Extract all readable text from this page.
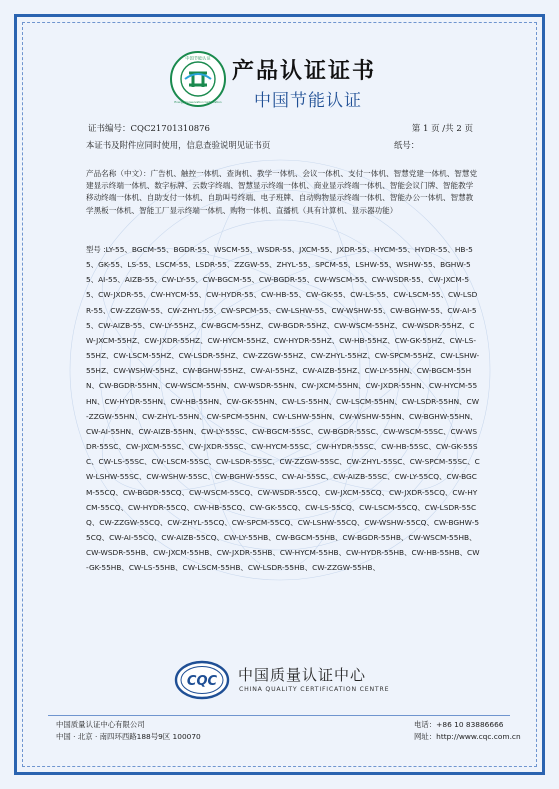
中国节能认证
Energy Conservation Certification
产品认证证书
中国节能认证
证书编号：CQC21701310876	第 1 页 /共 2 页
本证书及附件应同时使用，信息查验说明见证书页	纸号：
产品名称（中文）：广告机、触控一体机、查询机、教学一体机、会议一体机、支付一体机、智慧党建一体机、智慧党建显示终端一体机、数字标牌、云数字终端、智慧显示终端一体机、商业显示终端一体机、智能会议门牌、智能教学移动终端一体机、自助支付一体机、自助叫号终端、电子班牌、自动购物显示终端一体机、智能办公一体机、智慧教学黑板一体机、智能工厂显示终端一体机、购物一体机、直播机（具有计算机、显示器功能）
型号 :LY-55、BGCM-55、BGDR-55、WSCM-55、WSDR-55、JXCM-55、JXDR-55、HYCM-55、HYDR-55、HB-55、GK-55、LS-55、LSCM-55、LSDR-55、ZZGW-55、ZHYL-55、SPCM-55、LSHW-55、WSHW-55、BGHW-55、AI-55、AIZB-55、CW-LY-55、CW-BGCM-55、CW-BGDR-55、CW-WSCM-55、CW-WSDR-55、CW-JXCM-55、CW-JXDR-55、CW-HYCM-55、CW-HYDR-55、CW-HB-55、CW-GK-55、CW-LS-55、CW-LSCM-55、CW-LSDR-55、CW-ZZGW-55、CW-ZHYL-55、CW-SPCM-55、CW-LSHW-55、CW-WSHW-55、CW-BGHW-55、CW-AI-55、CW-AIZB-55、CW-LY-55HZ、CW-BGCM-55HZ、CW-BGDR-55HZ、CW-WSCM-55HZ、CW-WSDR-55HZ、CW-JXCM-55HZ、CW-JXDR-55HZ、CW-HYCM-55HZ、CW-HYDR-55HZ、CW-HB-55HZ、CW-GK-55HZ、CW-LS-55HZ、CW-LSCM-55HZ、CW-LSDR-55HZ、CW-ZZGW-55HZ、CW-ZHYL-55HZ、CW-SPCM-55HZ、CW-LSHW-55HZ、CW-WSHW-55HZ、CW-BGHW-55HZ、CW-AI-55HZ、CW-AIZB-55HZ、CW-LY-55HN、CW-BGCM-55HN、CW-BGDR-55HN、CW-WSCM-55HN、CW-WSDR-55HN、CW-JXCM-55HN、CW-JXDR-55HN、CW-HYCM-55HN、CW-HYDR-55HN、CW-HB-55HN、CW-GK-55HN、CW-LS-55HN、CW-LSCM-55HN、CW-LSDR-55HN、CW-ZZGW-55HN、CW-ZHYL-55HN、CW-SPCM-55HN、CW-LSHW-55HN、CW-WSHW-55HN、CW-BGHW-55HN、CW-AI-55HN、CW-AIZB-55HN、CW-LY-55SC、CW-BGCM-55SC、CW-BGDR-55SC、CW-WSCM-55SC、CW-WSDR-55SC、CW-JXCM-55SC、CW-JXDR-55SC、CW-HYCM-55SC、CW-HYDR-55SC、CW-HB-55SC、CW-GK-55SC、CW-LS-55SC、CW-LSCM-55SC、CW-LSDR-55SC、CW-ZZGW-55SC、CW-ZHYL-55SC、CW-SPCM-55SC、CW-LSHW-55SC、CW-WSHW-55SC、CW-BGHW-55SC、CW-AI-55SC、CW-AIZB-55SC、CW-LY-55CQ、CW-BGCM-55CQ、CW-BGDR-55CQ、CW-WSCM-55CQ、CW-WSDR-55CQ、CW-JXCM-55CQ、CW-JXDR-55CQ、CW-HYCM-55CQ、CW-HYDR-55CQ、CW-HB-55CQ、CW-GK-55CQ、CW-LS-55CQ、CW-LSCM-55CQ、CW-LSDR-55CQ、CW-ZZGW-55CQ、CW-ZHYL-55CQ、CW-SPCM-55CQ、CW-LSHW-55CQ、CW-WSHW-55CQ、CW-BGHW-55CQ、CW-AI-55CQ、CW-AIZB-55CQ、CW-LY-55HB、CW-BGCM-55HB、CW-BGDR-55HB、CW-WSCM-55HB、CW-WSDR-55HB、CW-JXCM-55HB、CW-JXDR-55HB、CW-HYCM-55HB、CW-HYDR-55HB、CW-HB-55HB、CW-GK-55HB、CW-LS-55HB、CW-LSCM-55HB、CW-LSDR-55HB、CW-ZZGW-55HB、
CQC 中国质量认证中心
CHINA QUALITY CERTIFICATION CENTRE
中国质量认证中心有限公司	电话：+86 10 83886666
中国 · 北京 · 南四环西路188号9区 100070	网址：http://www.cqc.com.cn
